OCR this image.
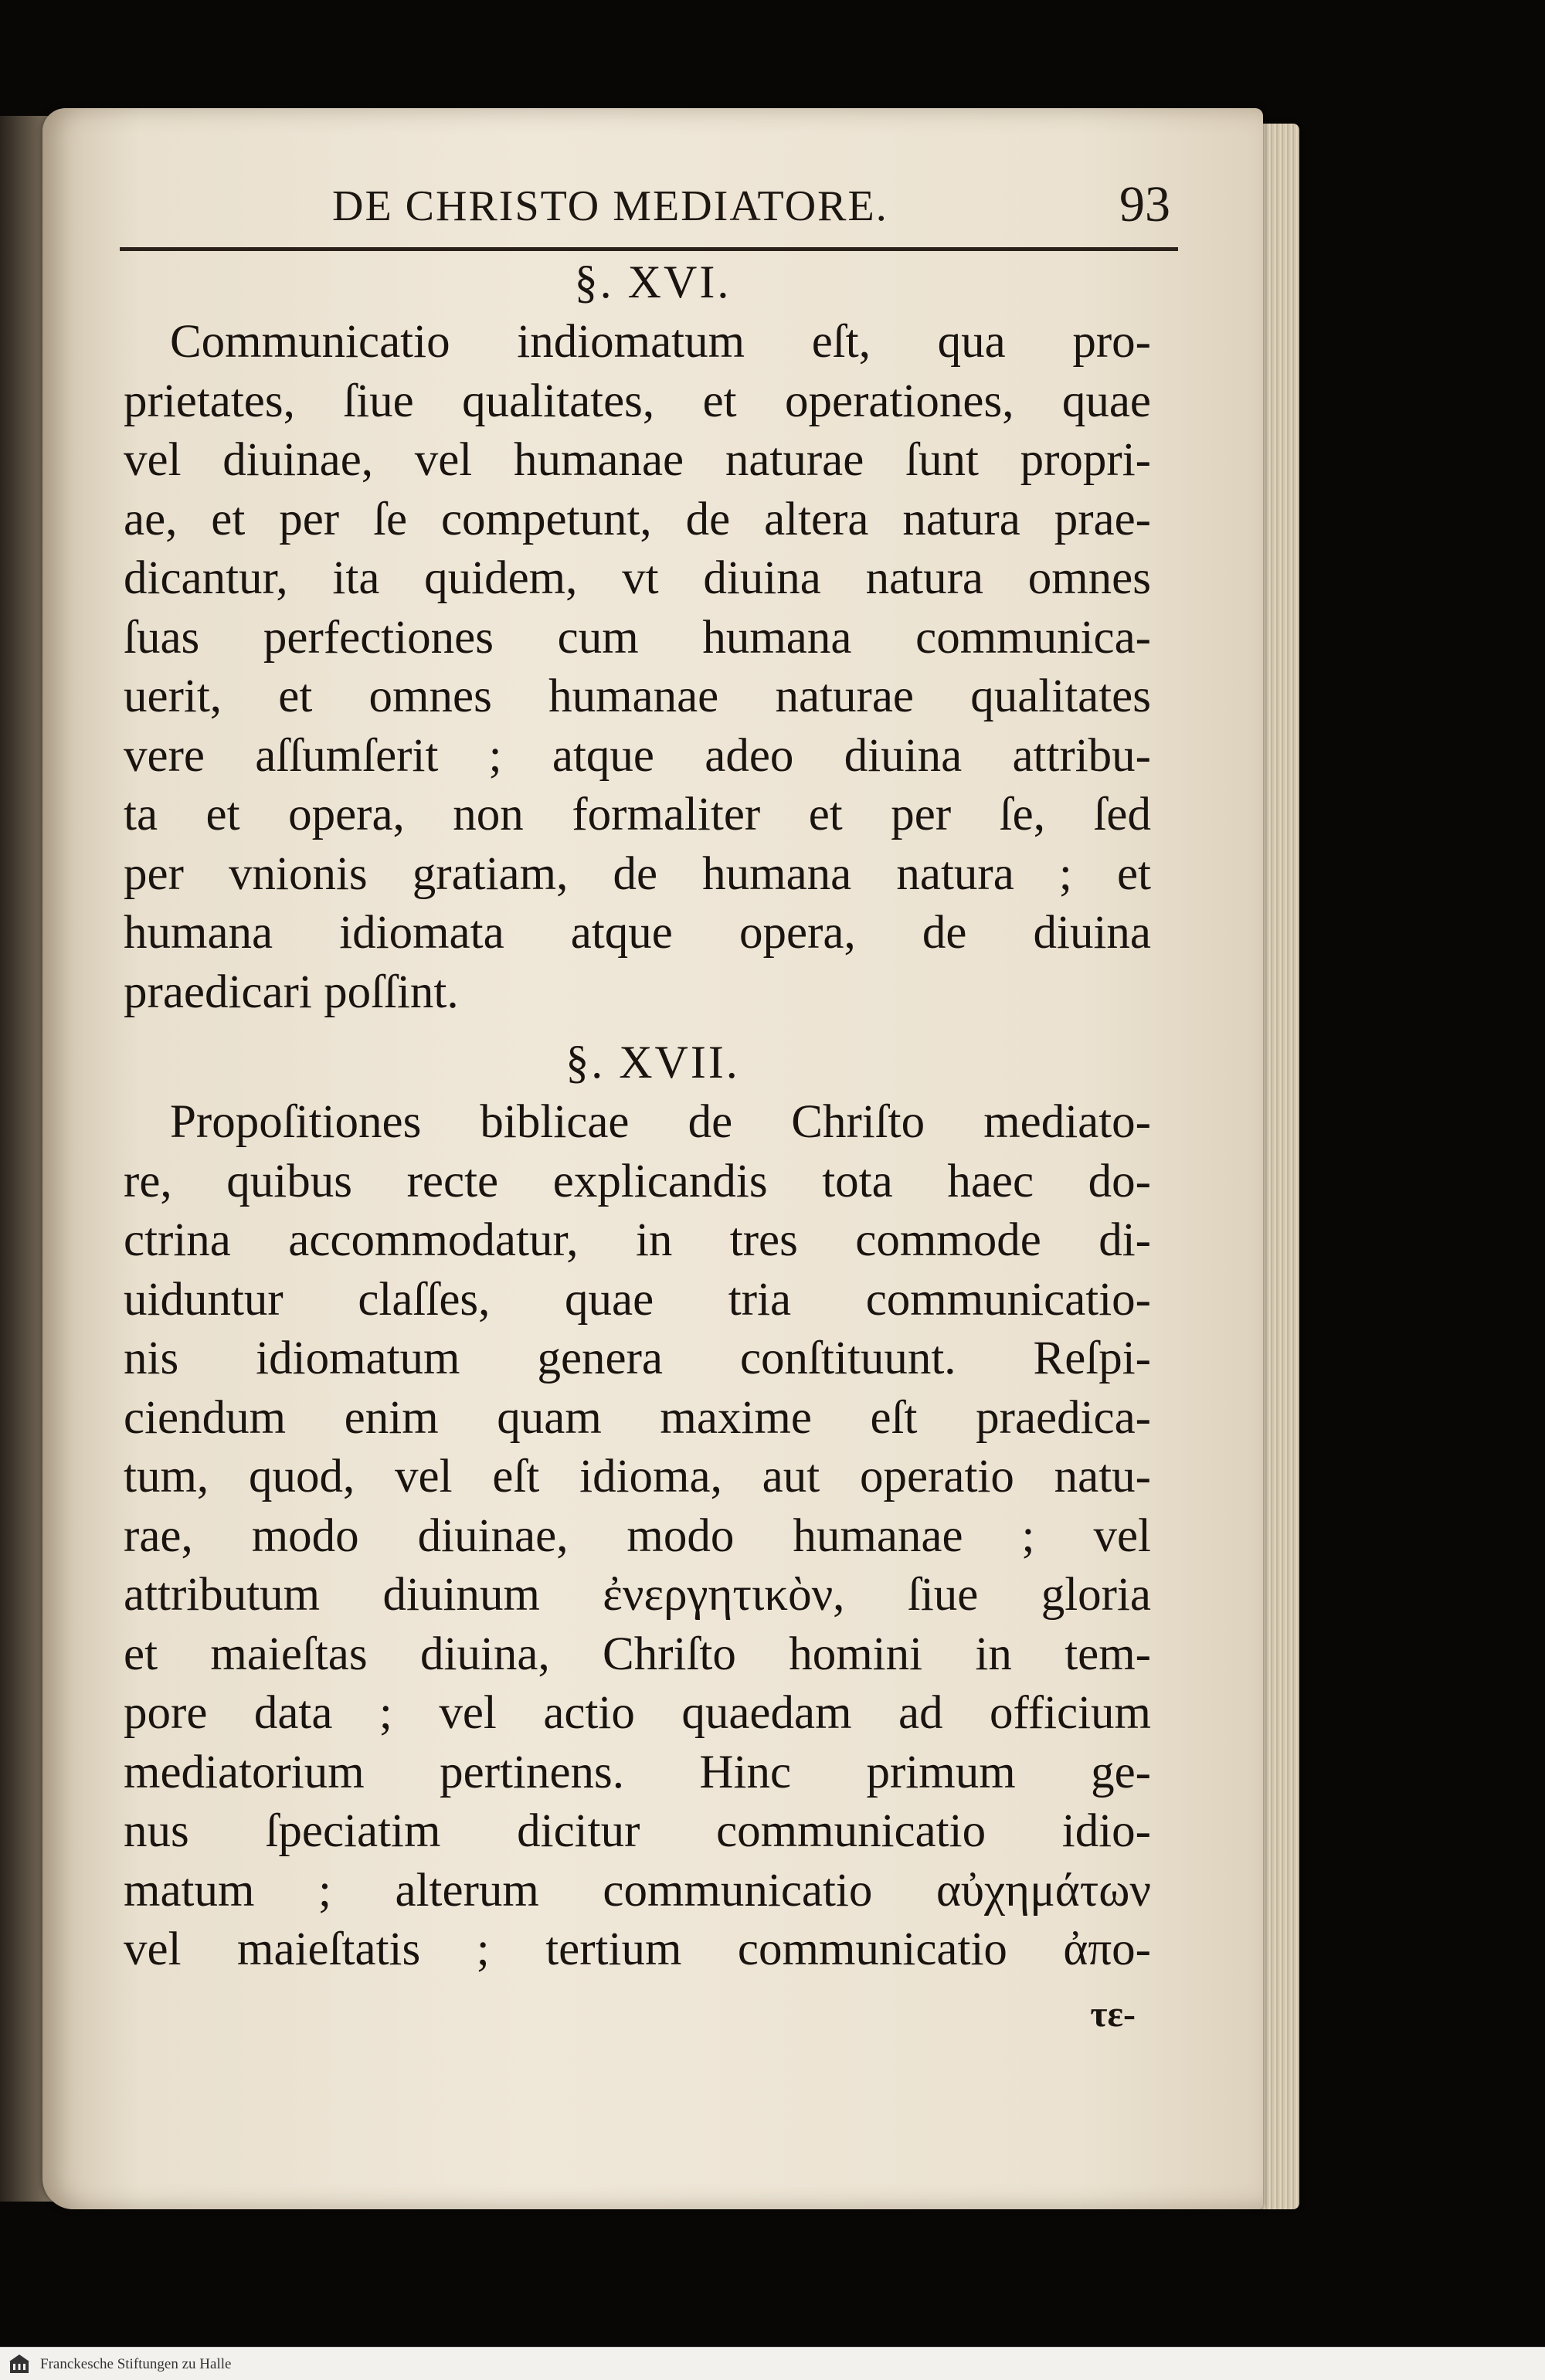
DE CHRISTO MEDIATORE.	93
§. XVI.
Communicatio indiomatum eſt, qua pro-
prietates, ſiue qualitates, et operationes, quae
vel diuinae, vel humanae naturae ſunt propri-
ae, et per ſe competunt, de altera natura prae-
dicantur, ita quidem, vt diuina natura omnes
ſuas perfectiones cum humana communica-
uerit, et omnes humanae naturae qualitates
vere aſſumſerit ; atque adeo diuina attribu-
ta et opera, non formaliter et per ſe, ſed
per vnionis gratiam, de humana natura ; et
humana idiomata atque opera, de diuina
praedicari poſſint.
§. XVII.
Propoſitiones biblicae de Chriſto mediato-
re, quibus recte explicandis tota haec do-
ctrina accommodatur, in tres commode di-
uiduntur claſſes, quae tria communicatio-
nis idiomatum genera conſtituunt. Reſpi-
ciendum enim quam maxime eſt praedica-
tum, quod, vel eſt idioma, aut operatio natu-
rae, modo diuinae, modo humanae ; vel
attributum diuinum ἐνεργητικὸν, ſiue gloria
et maieſtas diuina, Chriſto homini in tem-
pore data ; vel actio quaedam ad officium
mediatorium pertinens. Hinc primum ge-
nus ſpeciatim dicitur communicatio idio-
matum ; alterum communicatio αὐχημάτων
vel maieſtatis ; tertium communicatio ἀπο-
τε-
Franckesche Stiftungen zu Halle
